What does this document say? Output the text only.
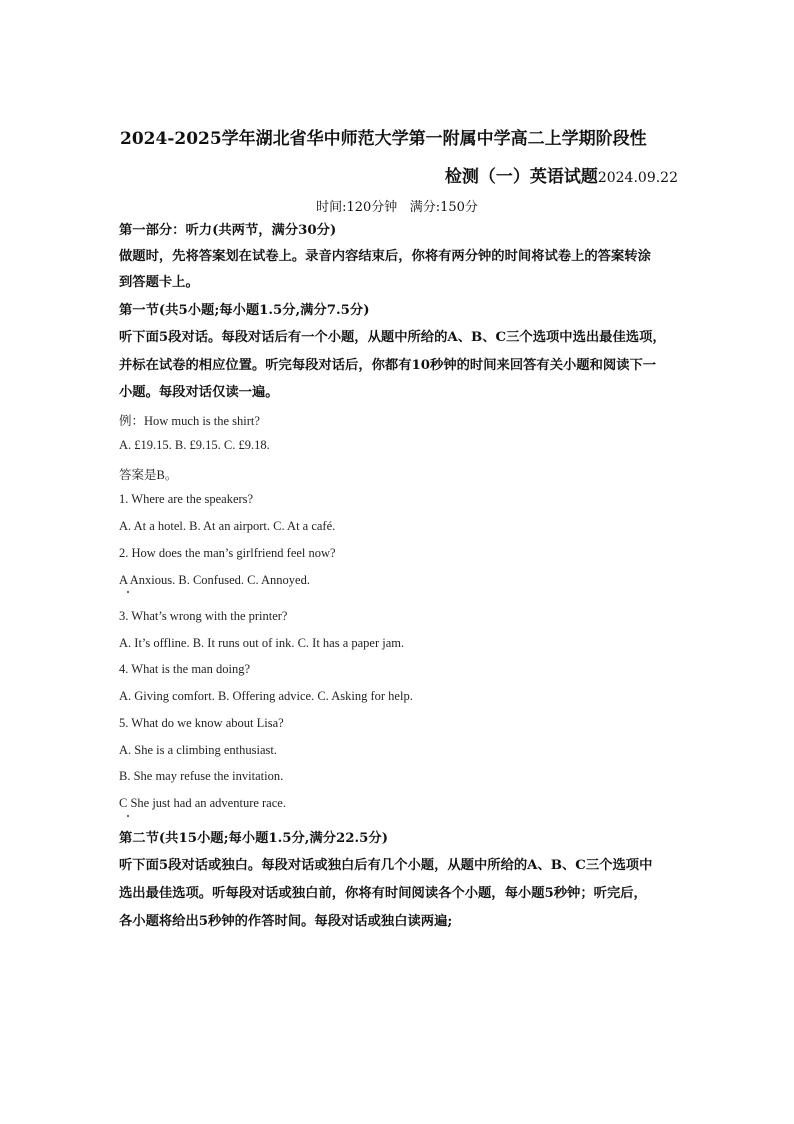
2024-2025学年湖北省华中师范大学第一附属中学高二上学期阶段性
检测（一）英语试题2024.09.22
时间:120分钟 满分:150分
第一部分：听力(共两节，满分30分)
做题时，先将答案划在试卷上。录音内容结束后，你将有两分钟的时间将试卷上的答案转涂
到答题卡上。
第一节(共5小题;每小题1.5分,满分7.5分)
听下面5段对话。每段对话后有一个小题，从题中所给的A、B、C三个选项中选出最佳选项，
并标在试卷的相应位置。听完每段对话后，你都有10秒钟的时间来回答有关小题和阅读下一
小题。每段对话仅读一遍。
例：How much is the shirt?
A. £19.15. B. £9.15. C. £9.18.
答案是B。
1. Where are the speakers?
A. At a hotel. B. At an airport. C. At a café.
2. How does the man’s girlfriend feel now?
A Anxious. B. Confused. C. Annoyed.
3. What’s wrong with the printer?
A. It’s offline. B. It runs out of ink. C. It has a paper jam.
4. What is the man doing?
A. Giving comfort. B. Offering advice. C. Asking for help.
5. What do we know about Lisa?
A. She is a climbing enthusiast.
B. She may refuse the invitation.
C She just had an adventure race.
第二节(共15小题;每小题1.5分,满分22.5分)
听下面5段对话或独白。每段对话或独白后有几个小题，从题中所给的A、B、C三个选项中
选出最佳选项。听每段对话或独白前，你将有时间阅读各个小题，每小题5秒钟；听完后，
各小题将给出5秒钟的作答时间。每段对话或独白读两遍;
